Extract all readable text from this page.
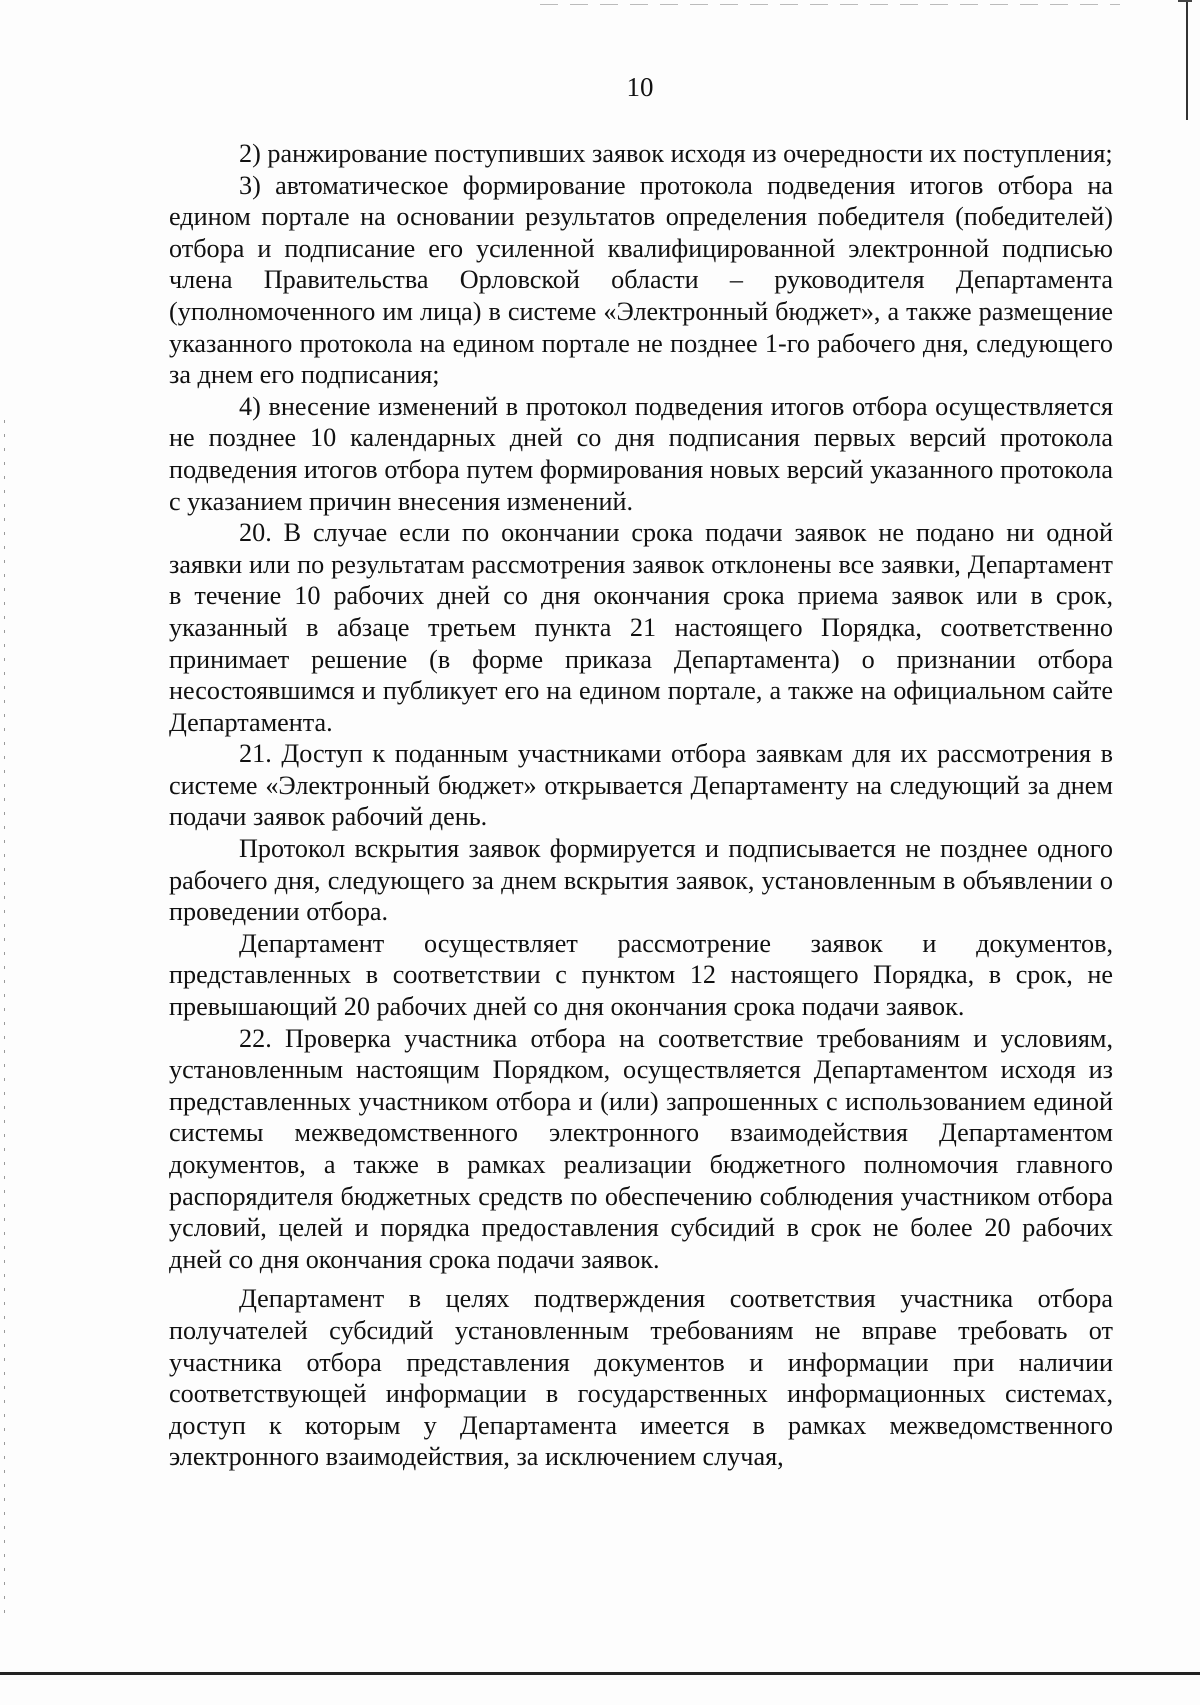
10

2) ранжирование поступивших заявок исходя из очередности их поступления;

3) автоматическое формирование протокола подведения итогов отбора на едином портале на основании результатов определения победителя (победителей) отбора и подписание его усиленной квалифицированной электронной подписью члена Правительства Орловской области – руководителя Департамента (уполномоченного им лица) в системе «Электронный бюджет», а также размещение указанного протокола на едином портале не позднее 1-го рабочего дня, следующего за днем его подписания;

4) внесение изменений в протокол подведения итогов отбора осуществляется не позднее 10 календарных дней со дня подписания первых версий протокола подведения итогов отбора путем формирования новых версий указанного протокола с указанием причин внесения изменений.

20. В случае если по окончании срока подачи заявок не подано ни одной заявки или по результатам рассмотрения заявок отклонены все заявки, Департамент в течение 10 рабочих дней со дня окончания срока приема заявок или в срок, указанный в абзаце третьем пункта 21 настоящего Порядка, соответственно принимает решение (в форме приказа Департамента) о признании отбора несостоявшимся и публикует его на едином портале, а также на официальном сайте Департамента.

21. Доступ к поданным участниками отбора заявкам для их рассмотрения в системе «Электронный бюджет» открывается Департаменту на следующий за днем подачи заявок рабочий день.

Протокол вскрытия заявок формируется и подписывается не позднее одного рабочего дня, следующего за днем вскрытия заявок, установленным в объявлении о проведении отбора.

Департамент осуществляет рассмотрение заявок и документов, представленных в соответствии с пунктом 12 настоящего Порядка, в срок, не превышающий 20 рабочих дней со дня окончания срока подачи заявок.

22. Проверка участника отбора на соответствие требованиям и условиям, установленным настоящим Порядком, осуществляется Департаментом исходя из представленных участником отбора и (или) запрошенных с использованием единой системы межведомственного электронного взаимодействия Департаментом документов, а также в рамках реализации бюджетного полномочия главного распорядителя бюджетных средств по обеспечению соблюдения участником отбора условий, целей и порядка предоставления субсидий в срок не более 20 рабочих дней со дня окончания срока подачи заявок.

Департамент в целях подтверждения соответствия участника отбора получателей субсидий установленным требованиям не вправе требовать от участника отбора представления документов и информации при наличии соответствующей информации в государственных информационных системах, доступ к которым у Департамента имеется в рамках межведомственного электронного взаимодействия, за исключением случая,
